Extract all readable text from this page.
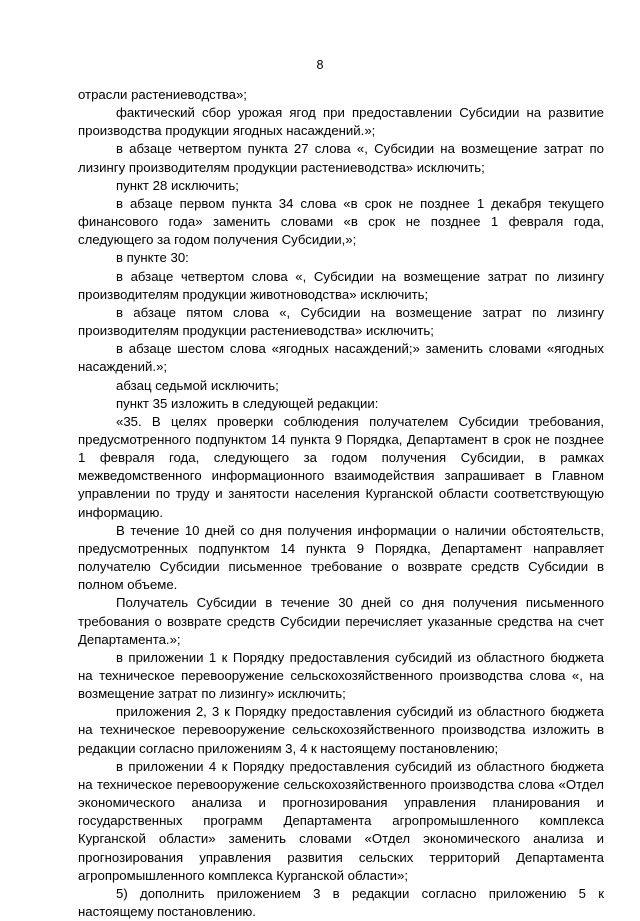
8

отрасли растениеводства»;

фактический сбор урожая ягод при предоставлении Субсидии на развитие производства продукции ягодных насаждений.»;

в абзаце четвертом пункта 27 слова «, Субсидии на возмещение затрат по лизингу производителям продукции растениеводства» исключить;

пункт 28 исключить;

в абзаце первом пункта 34 слова «в срок не позднее 1 декабря текущего финансового года» заменить словами «в срок не позднее 1 февраля года, следующего за годом получения Субсидии,»;

в пункте 30:

в абзаце четвертом слова «, Субсидии на возмещение затрат по лизингу производителям продукции животноводства» исключить;

в абзаце пятом слова «, Субсидии на возмещение затрат по лизингу производителям продукции растениеводства» исключить;

в абзаце шестом слова «ягодных насаждений;» заменить словами «ягодных насаждений.»;

абзац седьмой исключить;

пункт 35 изложить в следующей редакции:

«35. В целях проверки соблюдения получателем Субсидии требования, предусмотренного подпунктом 14 пункта 9 Порядка, Департамент в срок не позднее 1 февраля года, следующего за годом получения Субсидии, в рамках межведомственного информационного взаимодействия запрашивает в Главном управлении по труду и занятости населения Курганской области соответствующую информацию.

В течение 10 дней со дня получения информации о наличии обстоятельств, предусмотренных подпунктом 14 пункта 9 Порядка, Департамент направляет получателю Субсидии письменное требование о возврате средств Субсидии в полном объеме.

Получатель Субсидии в течение 30 дней со дня получения письменного требования о возврате средств Субсидии перечисляет указанные средства на счет Департамента.»;

в приложении 1 к Порядку предоставления субсидий из областного бюджета на техническое перевооружение сельскохозяйственного производства слова «, на возмещение затрат по лизингу» исключить;

приложения 2, 3 к Порядку предоставления субсидий из областного бюджета на техническое перевооружение сельскохозяйственного производства изложить в редакции согласно приложениям 3, 4 к настоящему постановлению;

в приложении 4 к Порядку предоставления субсидий из областного бюджета на техническое перевооружение сельскохозяйственного производства слова «Отдел экономического анализа и прогнозирования управления планирования и государственных программ Департамента агропромышленного комплекса Курганской области» заменить словами «Отдел экономического анализа и прогнозирования управления развития сельских территорий Департамента агропромышленного комплекса Курганской области»;

5) дополнить приложением 3 в редакции согласно приложению 5 к настоящему постановлению.
